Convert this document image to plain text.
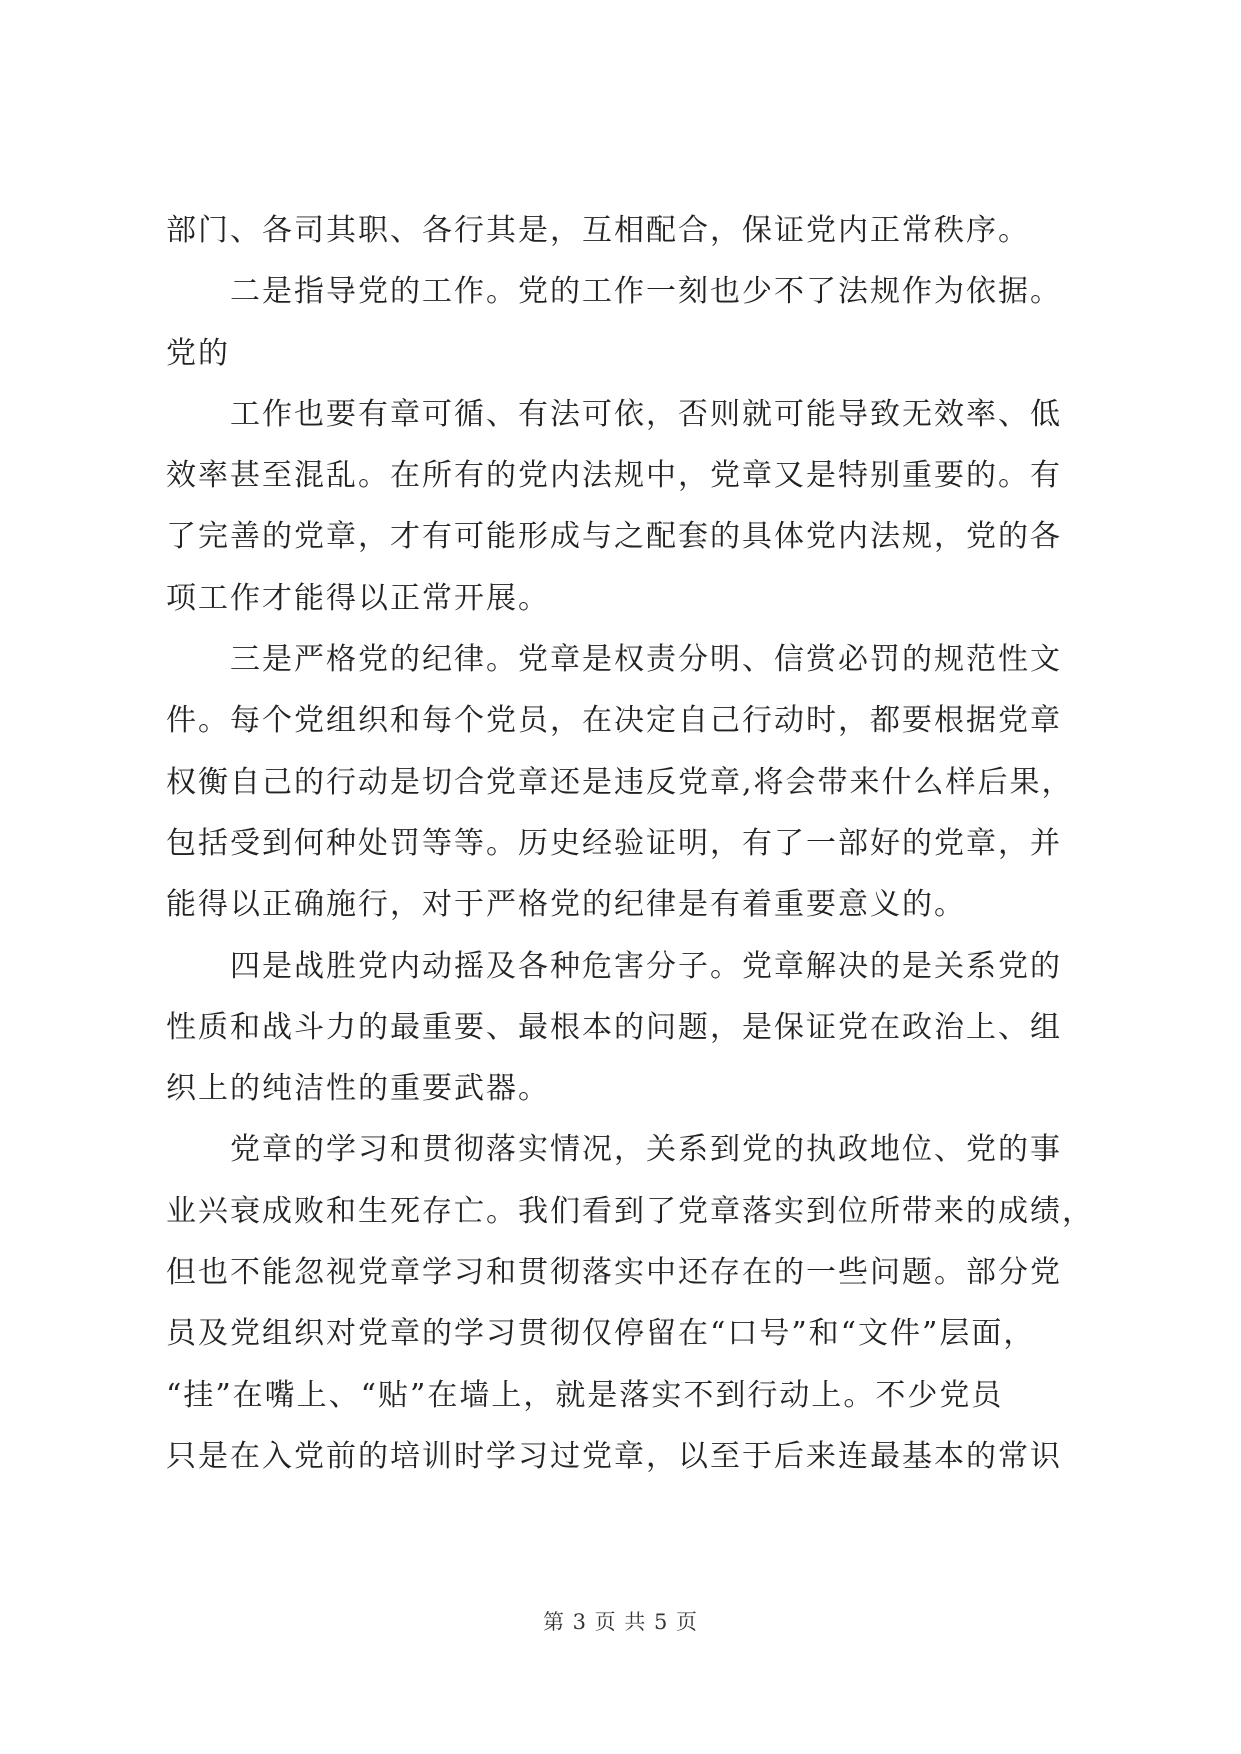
部门、各司其职、各行其是，互相配合，保证党内正常秩序。
二是指导党的工作。党的工作一刻也少不了法规作为依据。
党的
工作也要有章可循、有法可依，否则就可能导致无效率、低
效率甚至混乱。在所有的党内法规中，党章又是特别重要的。有
了完善的党章，才有可能形成与之配套的具体党内法规，党的各
项工作才能得以正常开展。
三是严格党的纪律。党章是权责分明、信赏必罚的规范性文
件。每个党组织和每个党员，在决定自己行动时，都要根据党章
权衡自己的行动是切合党章还是违反党章,将会带来什么样后果，
包括受到何种处罚等等。历史经验证明，有了一部好的党章，并
能得以正确施行，对于严格党的纪律是有着重要意义的。
四是战胜党内动摇及各种危害分子。党章解决的是关系党的
性质和战斗力的最重要、最根本的问题，是保证党在政治上、组
织上的纯洁性的重要武器。
党章的学习和贯彻落实情况，关系到党的执政地位、党的事
业兴衰成败和生死存亡。我们看到了党章落实到位所带来的成绩，
但也不能忽视党章学习和贯彻落实中还存在的一些问题。部分党
员及党组织对党章的学习贯彻仅停留在“口号”和“文件”层面，
“挂”在嘴上、“贴”在墙上，就是落实不到行动上。不少党员
只是在入党前的培训时学习过党章，以至于后来连最基本的常识
第 3 页 共 5 页
